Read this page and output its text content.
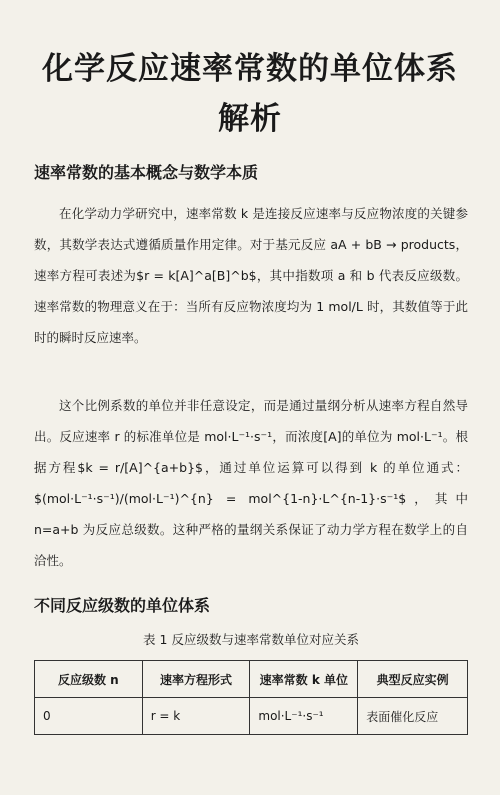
化学反应速率常数的单位体系
解析
速率常数的基本概念与数学本质

在化学动力学研究中，速率常数 k 是连接反应速率与反应物浓度的关键参数，其数学表达式遵循质量作用定律。对于基元反应 aA + bB → products，速率方程可表述为$r = k[A]^a[B]^b$，其中指数项 a 和 b 代表反应级数。速率常数的物理意义在于：当所有反应物浓度均为 1 mol/L 时，其数值等于此时的瞬时反应速率。

这个比例系数的单位并非任意设定，而是通过量纲分析从速率方程自然导出。反应速率 r 的标准单位是 mol·L⁻¹·s⁻¹，而浓度[A]的单位为 mol·L⁻¹。根据方程$k = r/[A]^{a+b}$，通过单位运算可以得到 k 的单位通式：$(mol·L⁻¹·s⁻¹)/(mol·L⁻¹)^{n} = mol^{1-n}·L^{n-1}·s⁻¹$，其中 n=a+b 为反应总级数。这种严格的量纲关系保证了动力学方程在数学上的自洽性。

不同反应级数的单位体系
表 1 反应级数与速率常数单位对应关系
反应级数 n	速率方程形式	速率常数 k 单位	典型反应实例
0	r = k	mol·L⁻¹·s⁻¹	表面催化反应
